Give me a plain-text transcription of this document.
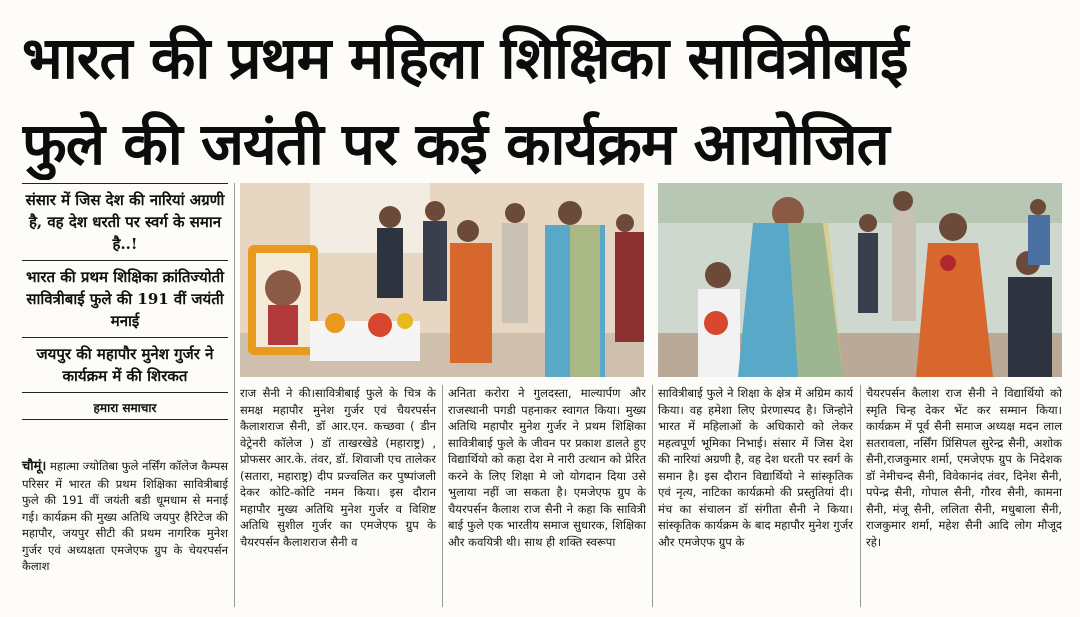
भारत की प्रथम महिला शिक्षिका सावित्रीबाई
फुले की जयंती पर कई कार्यक्रम आयोजित
संसार में जिस देश की नारियां अग्रणी है, वह देश धरती पर स्वर्ग के समान है..!
भारत की प्रथम शिक्षिका क्रांतिज्योती सावित्रीबाई फुले की 191 वीं जयंती मनाई
जयपुर की महापौर मुनेश गुर्जर ने कार्यक्रम में की शिरकत
हमारा समाचार
चौमूं। महात्मा ज्योतिबा फुले नर्सिंग कॉलेज कैम्पस परिसर में भारत की प्रथम शिक्षिका सावित्रीबाई फुले की 191 वीं जयंती बडी धूमधाम से मनाई गई। कार्यक्रम की मुख्य अतिथि जयपुर हैरिटेज की महापौर, जयपुर सीटी की प्रथम नागरिक मुनेश गुर्जर एवं अध्यक्षता एमजेएफ ग्रुप के चेयरपर्सन कैलाश
राज सैनी ने की।सावित्रीबाई फुले के चित्र के समक्ष महापौर मुनेश गुर्जर एवं चैयरपर्सन कैलाशराज सैनी, डॉ आर.एन. कच्छवा ( डीन वेट्रेनरी कॉलेज ) डॉ ताखरखेडे (महाराष्ट्र) , प्रोफसर आर.के. तंवर, डॉ. शिवाजी एच तालेकर (सतारा, महाराष्ट्र) दीप प्रज्वलित कर पुष्पांजली देकर कोटि-कोटि नमन किया। इस दौरान महापौर मुख्य अतिथि मुनेश गुर्जर व विशिष्ट अतिथि सुशील गुर्जर का एमजेएफ ग्रुप के चैयरपर्सन कैलाशराज सैनी व
अनिता करोरा ने गुलदस्ता, माल्यार्पण और राजस्थानी पगडी पहनाकर स्वागत किया। मुख्य अतिथि महापौर मुनेश गुर्जर ने प्रथम शिक्षिका सावित्रीबाई फुले के जीवन पर प्रकाश डालते हुए विद्यार्थियो को कहा देश मे नारी उत्थान को प्रेरित करने के लिए शिक्षा मे जो योगदान दिया उसे भुलाया नहीं जा सकता है। एमजेएफ ग्रुप के चैयरपर्सन कैलाश राज सैनी ने कहा कि सावित्री बाई फुले एक भारतीय समाज सुधारक, शिक्षिका और कवयित्री थी। साथ ही शक्ति स्वरूपा
सावित्रीबाई फुले ने शिक्षा के क्षेत्र में अग्रिम कार्य किया। वह हमेशा लिए प्रेरणास्पद है। जिन्होने भारत में महिलाओं के अधिकारो को लेकर महत्वपूर्ण भूमिका निभाई। संसार में जिस देश की नारियां अग्रणी है, वह देश धरती पर स्वर्ग के समान है। इस दौरान विद्यार्थियो ने सांस्कृतिक एवं नृत्य, नाटिका कार्यक्रमो की प्रस्तुतियां दी। मंच का संचालन डॉ संगीता सैनी ने किया। सांस्कृतिक कार्यक्रम के बाद महापौर मुनेश गुर्जर और एमजेएफ ग्रुप के
चैयरपर्सन कैलाश राज सैनी ने विद्यार्थियो को स्मृति चिन्ह देकर भेंट कर सम्मान किया। कार्यक्रम में पूर्व सैनी समाज अध्यक्ष मदन लाल सतरावला, नर्सिंग प्रिंसिपल सुरेन्द्र सैनी, अशोक सैनी,राजकुमार शर्मा, एमजेएफ ग्रुप के निदेशक डॉ नेमीचन्द सैनी, विवेकानंद तंवर, दिनेश सैनी, पपेन्द्र सैनी, गोपाल सैनी, गौरव सैनी, कामना सैनी, मंजू सैनी, ललिता सैनी, मधुबाला सैनी, राजकुमार शर्मा, महेश सैनी आदि लोग मौजूद रहे।
